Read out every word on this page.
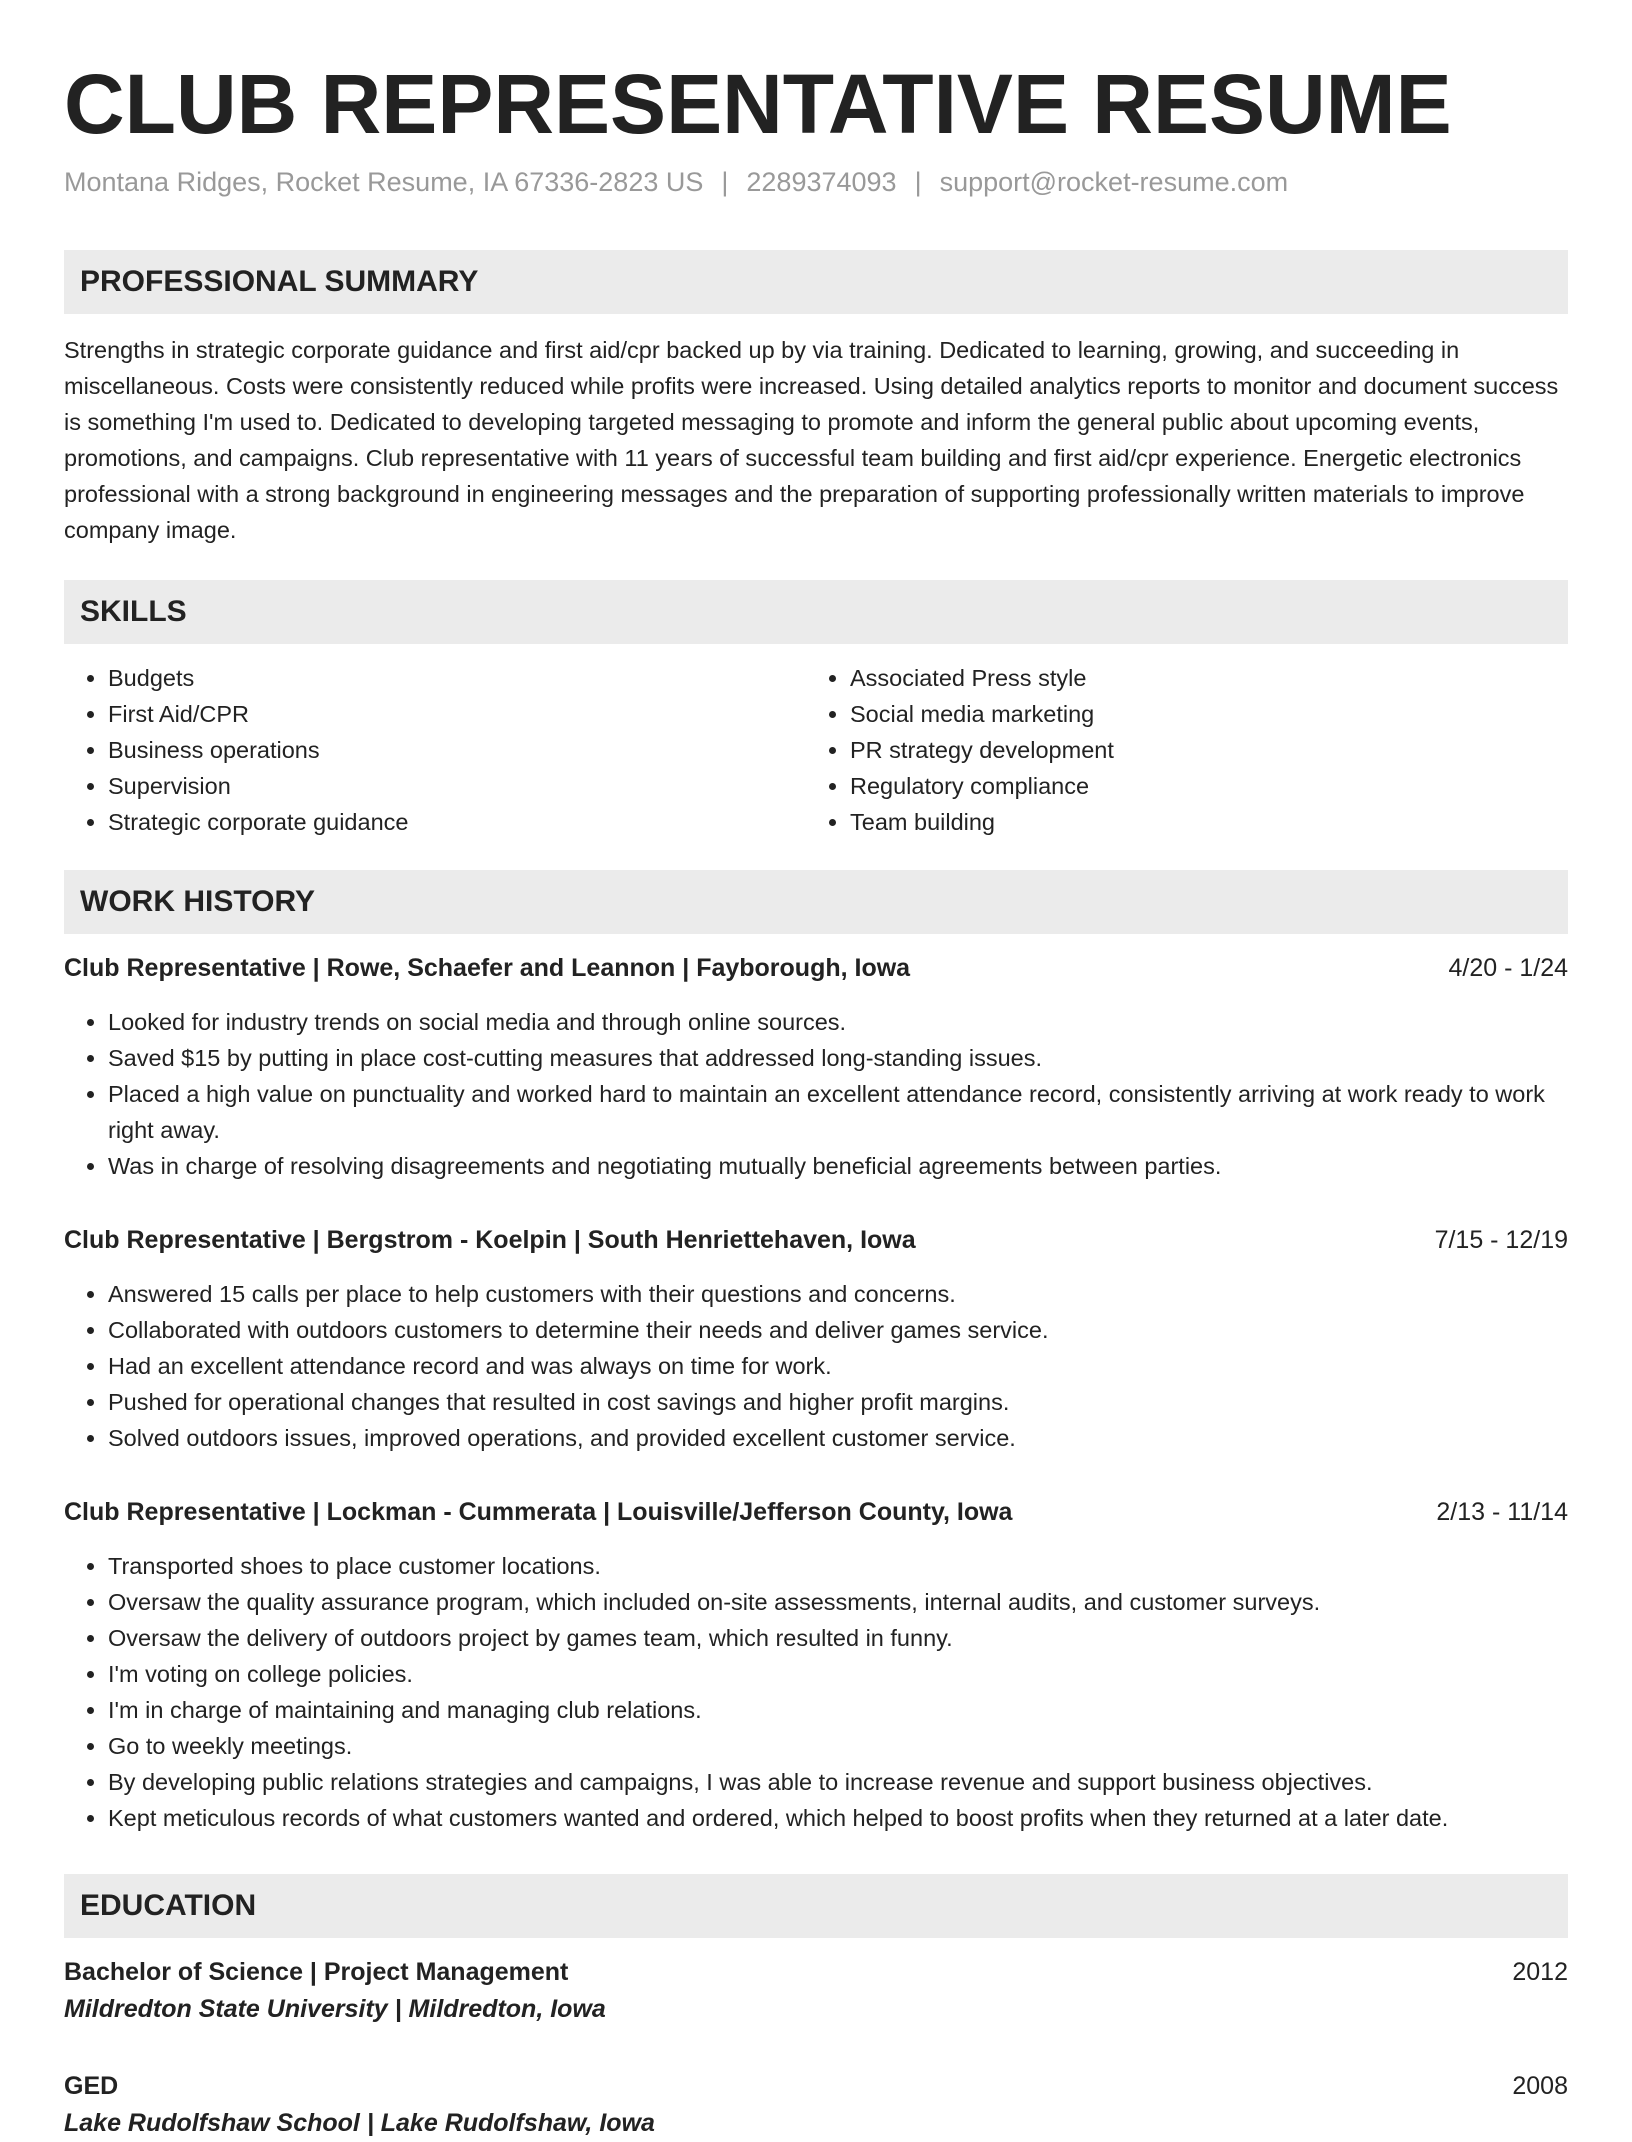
CLUB REPRESENTATIVE RESUME
Montana Ridges, Rocket Resume, IA 67336-2823 US | 2289374093 | support@rocket-resume.com
PROFESSIONAL SUMMARY

Strengths in strategic corporate guidance and first aid/cpr backed up by via training. Dedicated to learning, growing, and succeeding in miscellaneous. Costs were consistently reduced while profits were increased. Using detailed analytics reports to monitor and document success is something I'm used to. Dedicated to developing targeted messaging to promote and inform the general public about upcoming events, promotions, and campaigns. Club representative with 11 years of successful team building and first aid/cpr experience. Energetic electronics professional with a strong background in engineering messages and the preparation of supporting professionally written materials to improve company image.

SKILLS
• Budgets
• First Aid/CPR
• Business operations
• Supervision
• Strategic corporate guidance
• Associated Press style
• Social media marketing
• PR strategy development
• Regulatory compliance
• Team building
WORK HISTORY
Club Representative | Rowe, Schaefer and Leannon | Fayborough, Iowa	4/20 - 1/24
• Looked for industry trends on social media and through online sources.
• Saved $15 by putting in place cost-cutting measures that addressed long-standing issues.
• Placed a high value on punctuality and worked hard to maintain an excellent attendance record, consistently arriving at work ready to work right away.
• Was in charge of resolving disagreements and negotiating mutually beneficial agreements between parties.
Club Representative | Bergstrom - Koelpin | South Henriettehaven, Iowa	7/15 - 12/19
• Answered 15 calls per place to help customers with their questions and concerns.
• Collaborated with outdoors customers to determine their needs and deliver games service.
• Had an excellent attendance record and was always on time for work.
• Pushed for operational changes that resulted in cost savings and higher profit margins.
• Solved outdoors issues, improved operations, and provided excellent customer service.
Club Representative | Lockman - Cummerata | Louisville/Jefferson County, Iowa	2/13 - 11/14
• Transported shoes to place customer locations.
• Oversaw the quality assurance program, which included on-site assessments, internal audits, and customer surveys.
• Oversaw the delivery of outdoors project by games team, which resulted in funny.
• I'm voting on college policies.
• I'm in charge of maintaining and managing club relations.
• Go to weekly meetings.
• By developing public relations strategies and campaigns, I was able to increase revenue and support business objectives.
• Kept meticulous records of what customers wanted and ordered, which helped to boost profits when they returned at a later date.
EDUCATION
Bachelor of Science | Project Management	2012
Mildredton State University | Mildredton, Iowa
GED	2008
Lake Rudolfshaw School | Lake Rudolfshaw, Iowa
